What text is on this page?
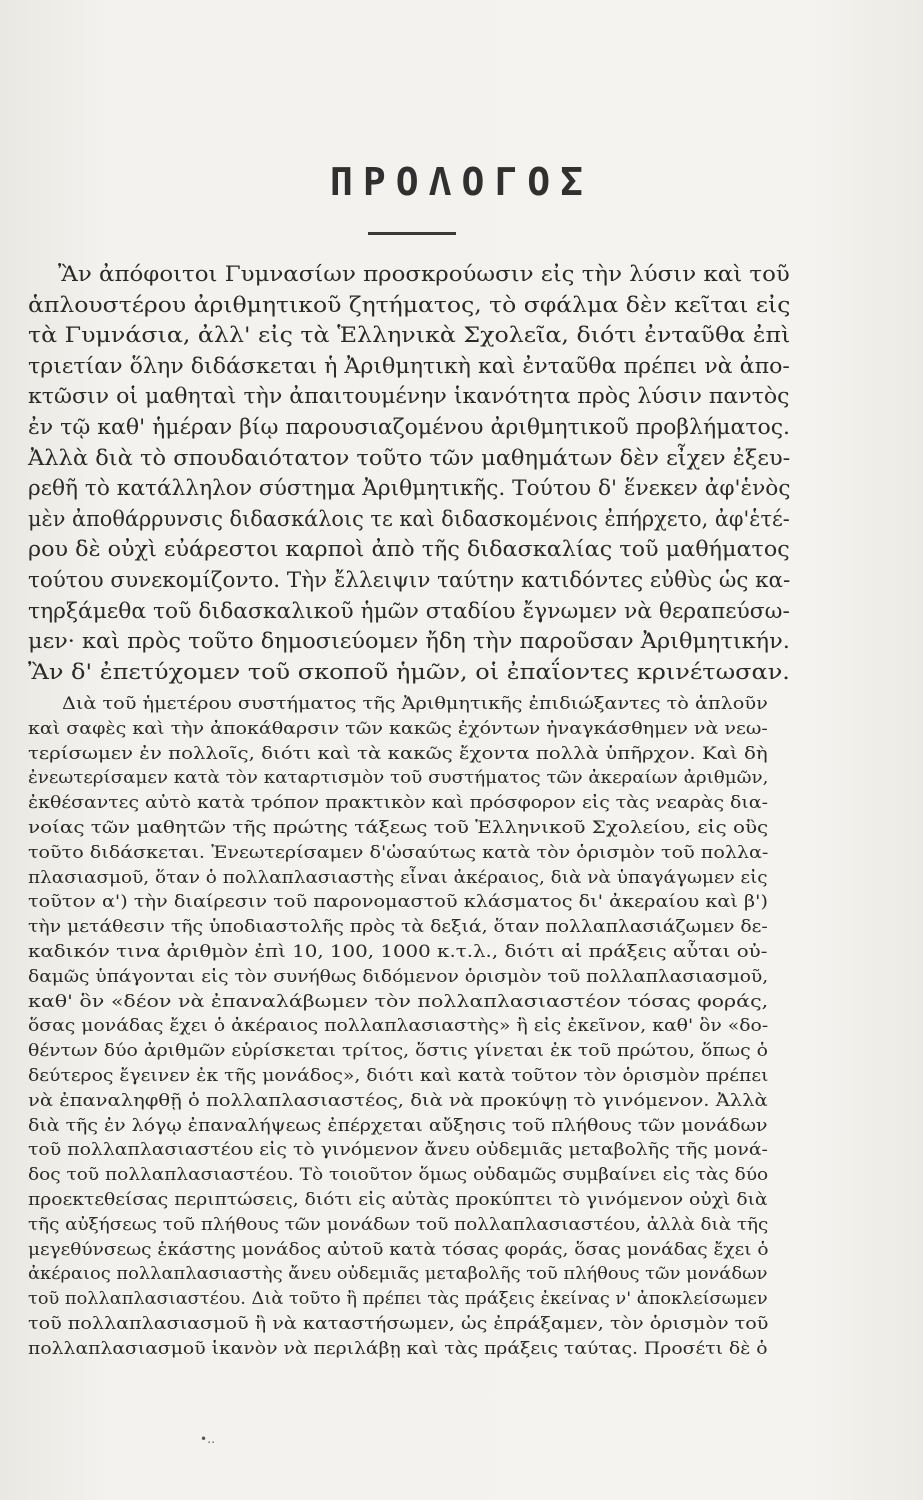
ΠΡΟΛΟΓΟΣ
Ἂν ἀπόφοιτοι Γυμνασίων προσκρούωσιν εἰς τὴν λύσιν καὶ τοῦ
ἁπλουστέρου ἀριθμητικοῦ ζητήματος, τὸ σφάλμα δὲν κεῖται εἰς
τὰ Γυμνάσια, ἀλλ' εἰς τὰ Ἑλληνικὰ Σχολεῖα, διότι ἐνταῦθα ἐπὶ
τριετίαν ὅλην διδάσκεται ἡ Ἀριθμητικὴ καὶ ἐνταῦθα πρέπει νὰ ἀπο-
κτῶσιν οἱ μαθηταὶ τὴν ἀπαιτουμένην ἱκανότητα πρὸς λύσιν παντὸς
ἐν τῷ καθ' ἡμέραν βίῳ παρουσιαζομένου ἀριθμητικοῦ προβλήματος.
Ἀλλὰ διὰ τὸ σπουδαιότατον τοῦτο τῶν μαθημάτων δὲν εἶχεν ἐξευ-
ρεθῆ τὸ κατάλληλον σύστημα Ἀριθμητικῆς. Τούτου δ' ἕνεκεν ἀφ'ἑνὸς
μὲν ἀποθάρρυνσις διδασκάλοις τε καὶ διδασκομένοις ἐπήρχετο, ἀφ'ἑτέ-
ρου δὲ οὐχὶ εὐάρεστοι καρποὶ ἀπὸ τῆς διδασκαλίας τοῦ μαθήματος
τούτου συνεκομίζοντο. Τὴν ἔλλειψιν ταύτην κατιδόντες εὐθὺς ὡς κα-
τηρξάμεθα τοῦ διδασκαλικοῦ ἡμῶν σταδίου ἔγνωμεν νὰ θεραπεύσω-
μεν· καὶ πρὸς τοῦτο δημοσιεύομεν ἤδη τὴν παροῦσαν Ἀριθμητικήν.
Ἂν δ' ἐπετύχομεν τοῦ σκοποῦ ἡμῶν, οἱ ἐπαΐοντες κρινέτωσαν.
Διὰ τοῦ ἡμετέρου συστήματος τῆς Ἀριθμητικῆς ἐπιδιώξαντες τὸ ἁπλοῦν
καὶ σαφὲς καὶ τὴν ἀποκάθαρσιν τῶν κακῶς ἐχόντων ἠναγκάσθημεν νὰ νεω-
τερίσωμεν ἐν πολλοῖς, διότι καὶ τὰ κακῶς ἔχοντα πολλὰ ὑπῆρχον. Καὶ δὴ
ἐνεωτερίσαμεν κατὰ τὸν καταρτισμὸν τοῦ συστήματος τῶν ἀκεραίων ἀριθμῶν,
ἐκθέσαντες αὐτὸ κατὰ τρόπον πρακτικὸν καὶ πρόσφορον εἰς τὰς νεαρὰς δια-
νοίας τῶν μαθητῶν τῆς πρώτης τάξεως τοῦ Ἑλληνικοῦ Σχολείου, εἰς οὓς
τοῦτο διδάσκεται. Ἐνεωτερίσαμεν δ'ὡσαύτως κατὰ τὸν ὁρισμὸν τοῦ πολλα-
πλασιασμοῦ, ὅταν ὁ πολλαπλασιαστὴς εἶναι ἀκέραιος, διὰ νὰ ὑπαγάγωμεν εἰς
τοῦτον α') τὴν διαίρεσιν τοῦ παρονομαστοῦ κλάσματος δι' ἀκεραίου καὶ β')
τὴν μετάθεσιν τῆς ὑποδιαστολῆς πρὸς τὰ δεξιά, ὅταν πολλαπλασιάζωμεν δε-
καδικόν τινα ἀριθμὸν ἐπὶ 10, 100, 1000 κ.τ.λ., διότι αἱ πράξεις αὗται οὐ-
δαμῶς ὑπάγονται εἰς τὸν συνήθως διδόμενον ὁρισμὸν τοῦ πολλαπλασιασμοῦ,
καθ' ὃν «δέον νὰ ἐπαναλάβωμεν τὸν πολλαπλασιαστέον τόσας φοράς,
ὅσας μονάδας ἔχει ὁ ἀκέραιος πολλαπλασιαστὴς» ἢ εἰς ἐκεῖνον, καθ' ὃν «δο-
θέντων δύο ἀριθμῶν εὑρίσκεται τρίτος, ὅστις γίνεται ἐκ τοῦ πρώτου, ὅπως ὁ
δεύτερος ἔγεινεν ἐκ τῆς μονάδος», διότι καὶ κατὰ τοῦτον τὸν ὁρισμὸν πρέπει
νὰ ἐπαναληφθῇ ὁ πολλαπλασιαστέος, διὰ νὰ προκύψῃ τὸ γινόμενον. Ἀλλὰ
διὰ τῆς ἐν λόγῳ ἐπαναλήψεως ἐπέρχεται αὔξησις τοῦ πλήθους τῶν μονάδων
τοῦ πολλαπλασιαστέου εἰς τὸ γινόμενον ἄνευ οὐδεμιᾶς μεταβολῆς τῆς μονά-
δος τοῦ πολλαπλασιαστέου. Τὸ τοιοῦτον ὅμως οὐδαμῶς συμβαίνει εἰς τὰς δύο
προεκτεθείσας περιπτώσεις, διότι εἰς αὐτὰς προκύπτει τὸ γινόμενον οὐχὶ διὰ
τῆς αὐξήσεως τοῦ πλήθους τῶν μονάδων τοῦ πολλαπλασιαστέου, ἀλλὰ διὰ τῆς
μεγεθύνσεως ἑκάστης μονάδος αὐτοῦ κατὰ τόσας φοράς, ὅσας μονάδας ἔχει ὁ
ἀκέραιος πολλαπλασιαστὴς ἄνευ οὐδεμιᾶς μεταβολῆς τοῦ πλήθους τῶν μονάδων
τοῦ πολλαπλασιαστέου. Διὰ τοῦτο ἢ πρέπει τὰς πράξεις ἐκείνας ν' ἀποκλείσωμεν
τοῦ πολλαπλασιασμοῦ ἢ νὰ καταστήσωμεν, ὡς ἐπράξαμεν, τὸν ὁρισμὸν τοῦ
πολλαπλασιασμοῦ ἱκανὸν νὰ περιλάβῃ καὶ τὰς πράξεις ταύτας. Προσέτι δὲ ὁ
•‥
